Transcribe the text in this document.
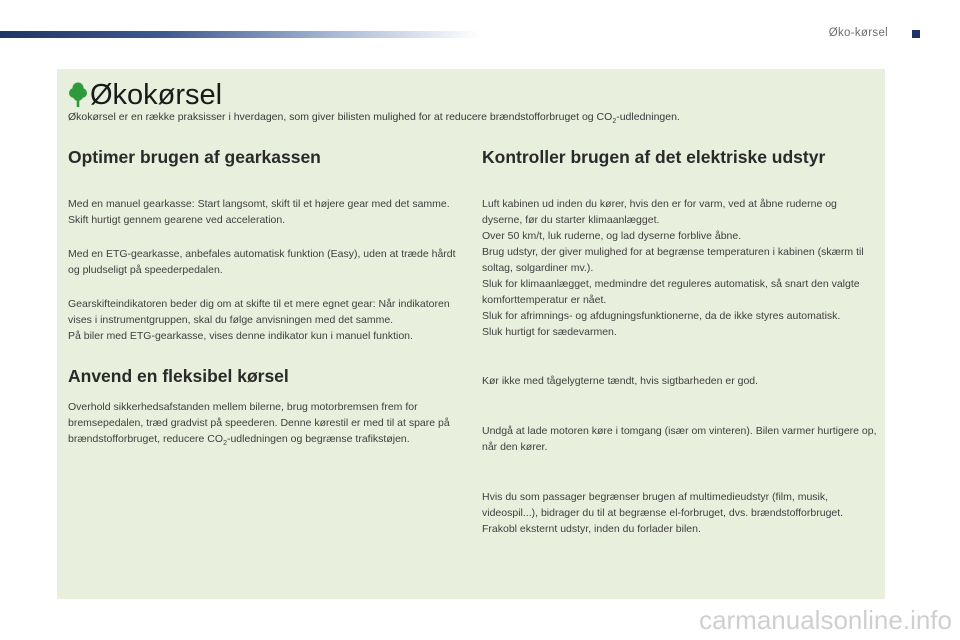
Øko-kørsel
Økokørsel
Økokørsel er en række praksisser i hverdagen, som giver bilisten mulighed for at reducere brændstofforbruget og $CO_2$-udledningen.
Optimer brugen af gearkassen

Med en manuel gearkasse: Start langsomt, skift til et højere gear med det samme. Skift hurtigt gennem gearene ved acceleration.

Med en ETG-gearkasse, anbefales automatisk funktion (Easy), uden at træde hårdt og pludseligt på speederpedalen.

Gearskifteindikatoren beder dig om at skifte til et mere egnet gear: Når indikatoren vises i instrumentgruppen, skal du følge anvisningen med det samme.

På biler med ETG-gearkasse, vises denne indikator kun i manuel funktion.

Anvend en fleksibel kørsel

Overhold sikkerhedsafstanden mellem bilerne, brug motorbremsen frem for bremsepedalen, træd gradvist på speederen. Denne kørestil er med til at spare på brændstofforbruget, reducere $CO_2$-udledningen og begrænse trafikstøjen.

Kontroller brugen af det elektriske udstyr

Luft kabinen ud inden du kører, hvis den er for varm, ved at åbne ruderne og dyserne, før du starter klimaanlægget.

Over 50 km/t, luk ruderne, og lad dyserne forblive åbne.

Brug udstyr, der giver mulighed for at begrænse temperaturen i kabinen (skærm til soltag, solgardiner mv.).

Sluk for klimaanlægget, medmindre det reguleres automatisk, så snart den valgte komforttemperatur er nået.

Sluk for afrimnings- og afdugningsfunktionerne, da de ikke styres automatisk.

Sluk hurtigt for sædevarmen.

Kør ikke med tågelygterne tændt, hvis sigtbarheden er god.

Undgå at lade motoren køre i tomgang (især om vinteren). Bilen varmer hurtigere op, når den kører.

Hvis du som passager begrænser brugen af multimedieudstyr (film, musik, videospil...), bidrager du til at begrænse el-forbruget, dvs. brændstofforbruget.

Frakobl eksternt udstyr, inden du forlader bilen.

carmanualsonline.info
